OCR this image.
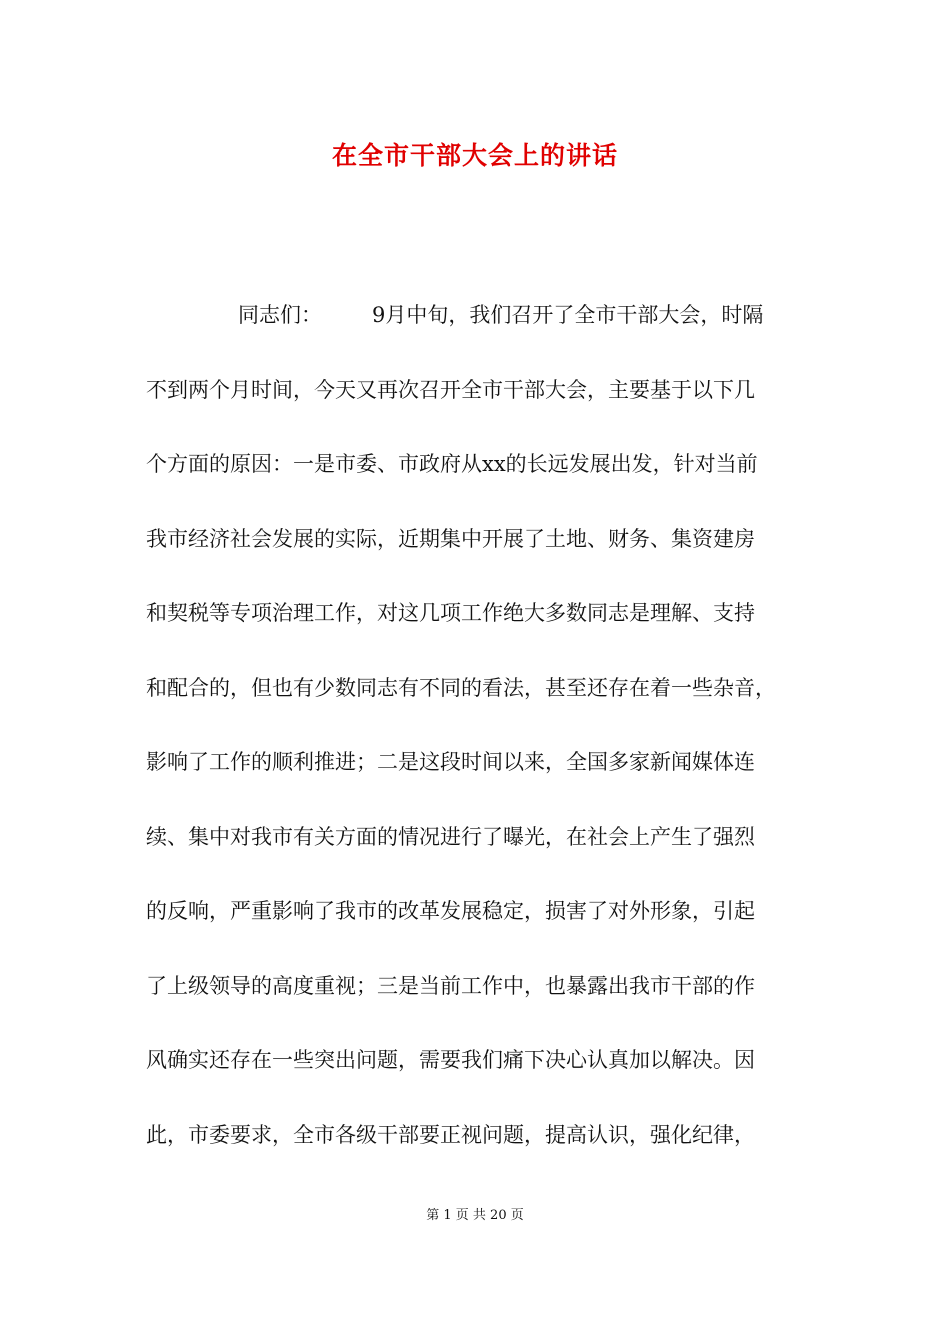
在全市干部大会上的讲话
同志们： 9月中旬，我们召开了全市干部大会，时隔
不到两个月时间，今天又再次召开全市干部大会，主要基于以下几
个方面的原因：一是市委、市政府从xx的长远发展出发，针对当前
我市经济社会发展的实际，近期集中开展了土地、财务、集资建房
和契税等专项治理工作，对这几项工作绝大多数同志是理解、支持
和配合的，但也有少数同志有不同的看法，甚至还存在着一些杂音，
影响了工作的顺利推进；二是这段时间以来，全国多家新闻媒体连
续、集中对我市有关方面的情况进行了曝光，在社会上产生了强烈
的反响，严重影响了我市的改革发展稳定，损害了对外形象，引起
了上级领导的高度重视；三是当前工作中，也暴露出我市干部的作
风确实还存在一些突出问题，需要我们痛下决心认真加以解决。因
此，市委要求，全市各级干部要正视问题，提高认识，强化纪律，
第 1 页 共 20 页
